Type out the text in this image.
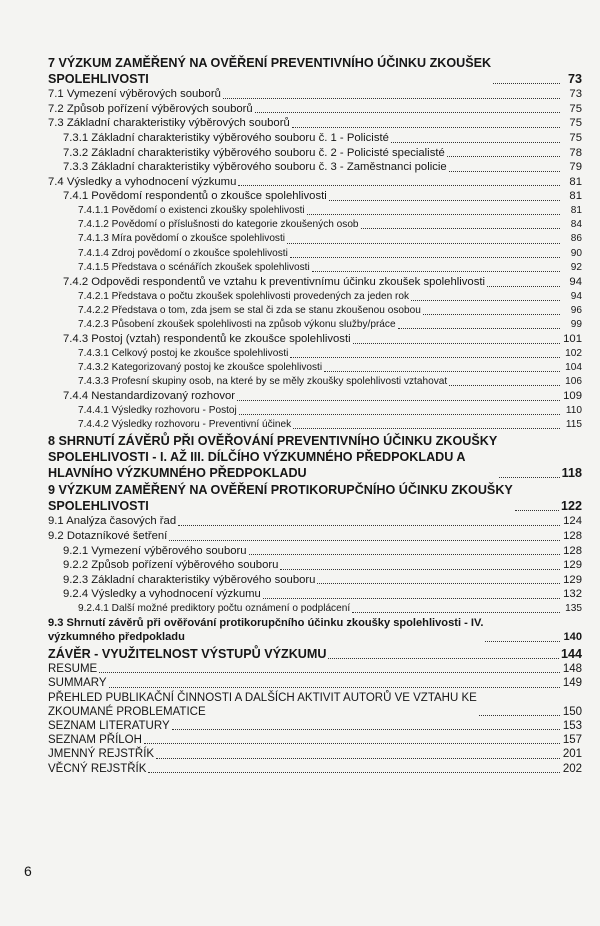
7 VÝZKUM ZAMĚŘENÝ NA OVĚŘENÍ PREVENTIVNÍHO ÚČINKU ZKOUŠEK
SPOLEHLIVOSTI	73
7.1 Vymezení výběrových souborů	73
7.2 Způsob pořízení výběrových souborů	75
7.3 Základní charakteristiky výběrových souborů	75
7.3.1 Základní charakteristiky výběrového souboru č. 1 - Policisté	75
7.3.2 Základní charakteristiky výběrového souboru č. 2 - Policisté specialisté	78
7.3.3 Základní charakteristiky výběrového souboru č. 3 - Zaměstnanci policie	79
7.4 Výsledky a vyhodnocení výzkumu	81
7.4.1 Povědomí respondentů o zkoušce spolehlivosti	81
7.4.1.1 Povědomí o existenci zkoušky spolehlivosti	81
7.4.1.2 Povědomí o příslušnosti do kategorie zkoušených osob	84
7.4.1.3 Míra povědomí o zkoušce spolehlivosti	86
7.4.1.4 Zdroj povědomí o zkoušce spolehlivosti	90
7.4.1.5 Představa o scénářích zkoušek spolehlivosti	92
7.4.2 Odpovědi respondentů ve vztahu k preventivnímu účinku zkoušek spolehlivosti	94
7.4.2.1 Představa o počtu zkoušek spolehlivosti provedených za jeden rok	94
7.4.2.2 Představa o tom, zda jsem se stal či zda se stanu zkoušenou osobou	96
7.4.2.3 Působení zkoušek spolehlivosti na způsob výkonu služby/práce	99
7.4.3 Postoj (vztah) respondentů ke zkoušce spolehlivosti	101
7.4.3.1 Celkový postoj ke zkoušce spolehlivosti	102
7.4.3.2 Kategorizovaný postoj ke zkoušce spolehlivosti	104
7.4.3.3 Profesní skupiny osob, na které by se měly zkoušky spolehlivosti vztahovat	106
7.4.4 Nestandardizovaný rozhovor	109
7.4.4.1 Výsledky rozhovoru - Postoj	110
7.4.4.2 Výsledky rozhovoru - Preventivní účinek	115
8 SHRNUTÍ ZÁVĚRŮ PŘI OVĚŘOVÁNÍ PREVENTIVNÍHO ÚČINKU ZKOUŠKY
SPOLEHLIVOSTI - I. AŽ III. DÍLČÍHO VÝZKUMNÉHO PŘEDPOKLADU A
HLAVNÍHO VÝZKUMNÉHO PŘEDPOKLADU	118
9 VÝZKUM ZAMĚŘENÝ NA OVĚŘENÍ PROTIKORUPČNÍHO ÚČINKU ZKOUŠKY
SPOLEHLIVOSTI	122
9.1 Analýza časových řad	124
9.2 Dotazníkové šetření	128
9.2.1 Vymezení výběrového souboru	128
9.2.2 Způsob pořízení výběrového souboru	129
9.2.3 Základní charakteristiky výběrového souboru	129
9.2.4 Výsledky a vyhodnocení výzkumu	132
9.2.4.1 Další možné prediktory počtu oznámení o podplácení	135
9.3 Shrnutí závěrů při ověřování protikorupčního účinku zkoušky spolehlivosti - IV.
výzkumného předpokladu	140
ZÁVĚR - VYUŽITELNOST VÝSTUPŮ VÝZKUMU	144
RESUME	148
SUMMARY	149
PŘEHLED PUBLIKAČNÍ ČINNOSTI A DALŠÍCH AKTIVIT AUTORŮ VE VZTAHU KE
ZKOUMANÉ PROBLEMATICE	150
SEZNAM LITERATURY	153
SEZNAM PŘÍLOH	157
JMENNÝ REJSTŘÍK	201
VĚCNÝ REJSTŘÍK	202
6
